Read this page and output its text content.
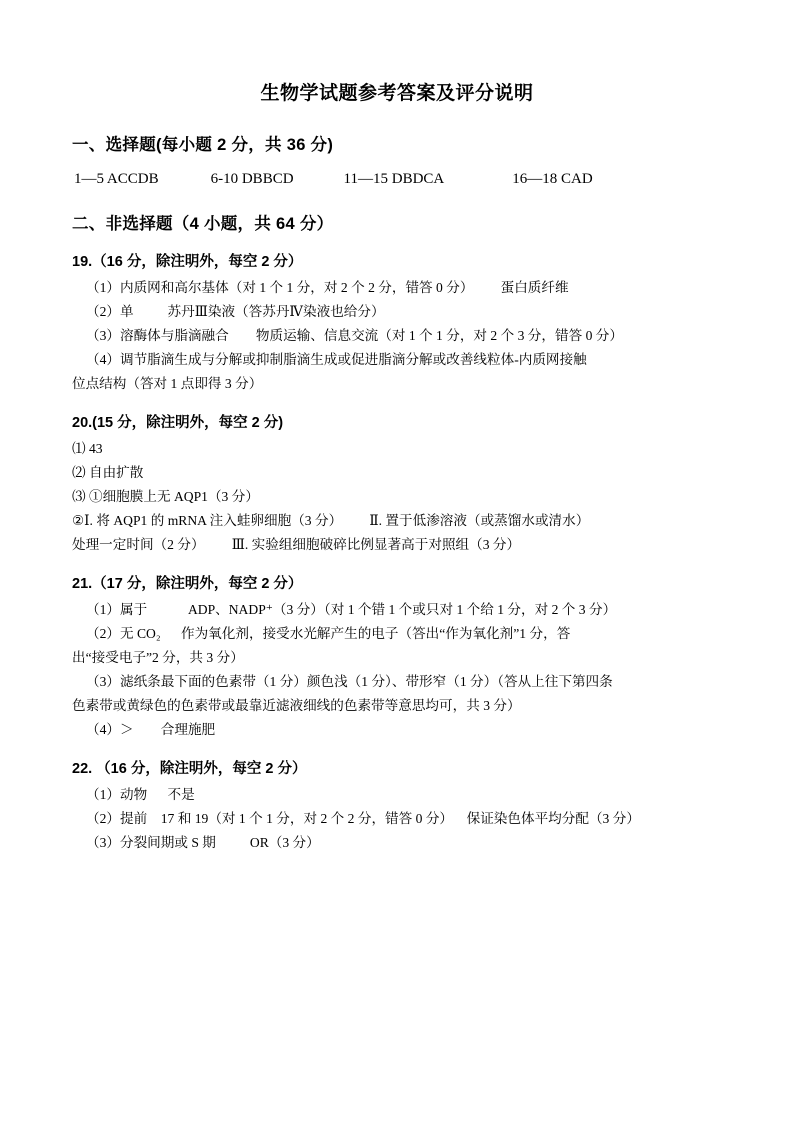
生物学试题参考答案及评分说明
一、选择题(每小题 2 分，共 36 分)
1—5 ACCDB	6-10 DBBCD	11—15 DBDCA	16—18 CAD
二、非选择题（4 小题，共 64 分）
19.（16 分，除注明外，每空 2 分）
（1）内质网和高尔基体（对 1 个 1 分，对 2 个 2 分，错答 0 分）        蛋白质纤维
（2）单          苏丹Ⅲ染液（答苏丹Ⅳ染液也给分）
（3）溶酶体与脂滴融合        物质运输、信息交流（对 1 个 1 分，对 2 个 3 分，错答 0 分）
（4）调节脂滴生成与分解或抑制脂滴生成或促进脂滴分解或改善线粒体-内质网接触
位点结构（答对 1 点即得 3 分）
20.(15 分，除注明外，每空 2 分)
⑴ 43
⑵ 自由扩散
⑶ ①细胞膜上无 AQP1（3 分）
②Ⅰ. 将 AQP1 的 mRNA 注入蛙卵细胞（3 分）        Ⅱ. 置于低渗溶液（或蒸馏水或清水）
处理一定时间（2 分）        Ⅲ. 实验组细胞破碎比例显著高于对照组（3 分）
21.（17 分，除注明外，每空 2 分）
（1）属于            ADP、NADP⁺（3 分）（对 1 个错 1 个或只对 1 个给 1 分，对 2 个 3 分）
（2）无 CO₂      作为氧化剂，接受水光解产生的电子（答出“作为氧化剂”1 分，答
出“接受电子”2 分，共 3 分）
（3）滤纸条最下面的色素带（1 分）颜色浅（1 分）、带形窄（1 分）（答从上往下第四条
色素带或黄绿色的色素带或最靠近滤液细线的色素带等意思均可，共 3 分）
（4）＞        合理施肥
22. （16 分，除注明外，每空 2 分）
（1）动物      不是
（2）提前    17 和 19（对 1 个 1 分，对 2 个 2 分，错答 0 分）    保证染色体平均分配（3 分）
（3）分裂间期或 S 期          OR（3 分）
